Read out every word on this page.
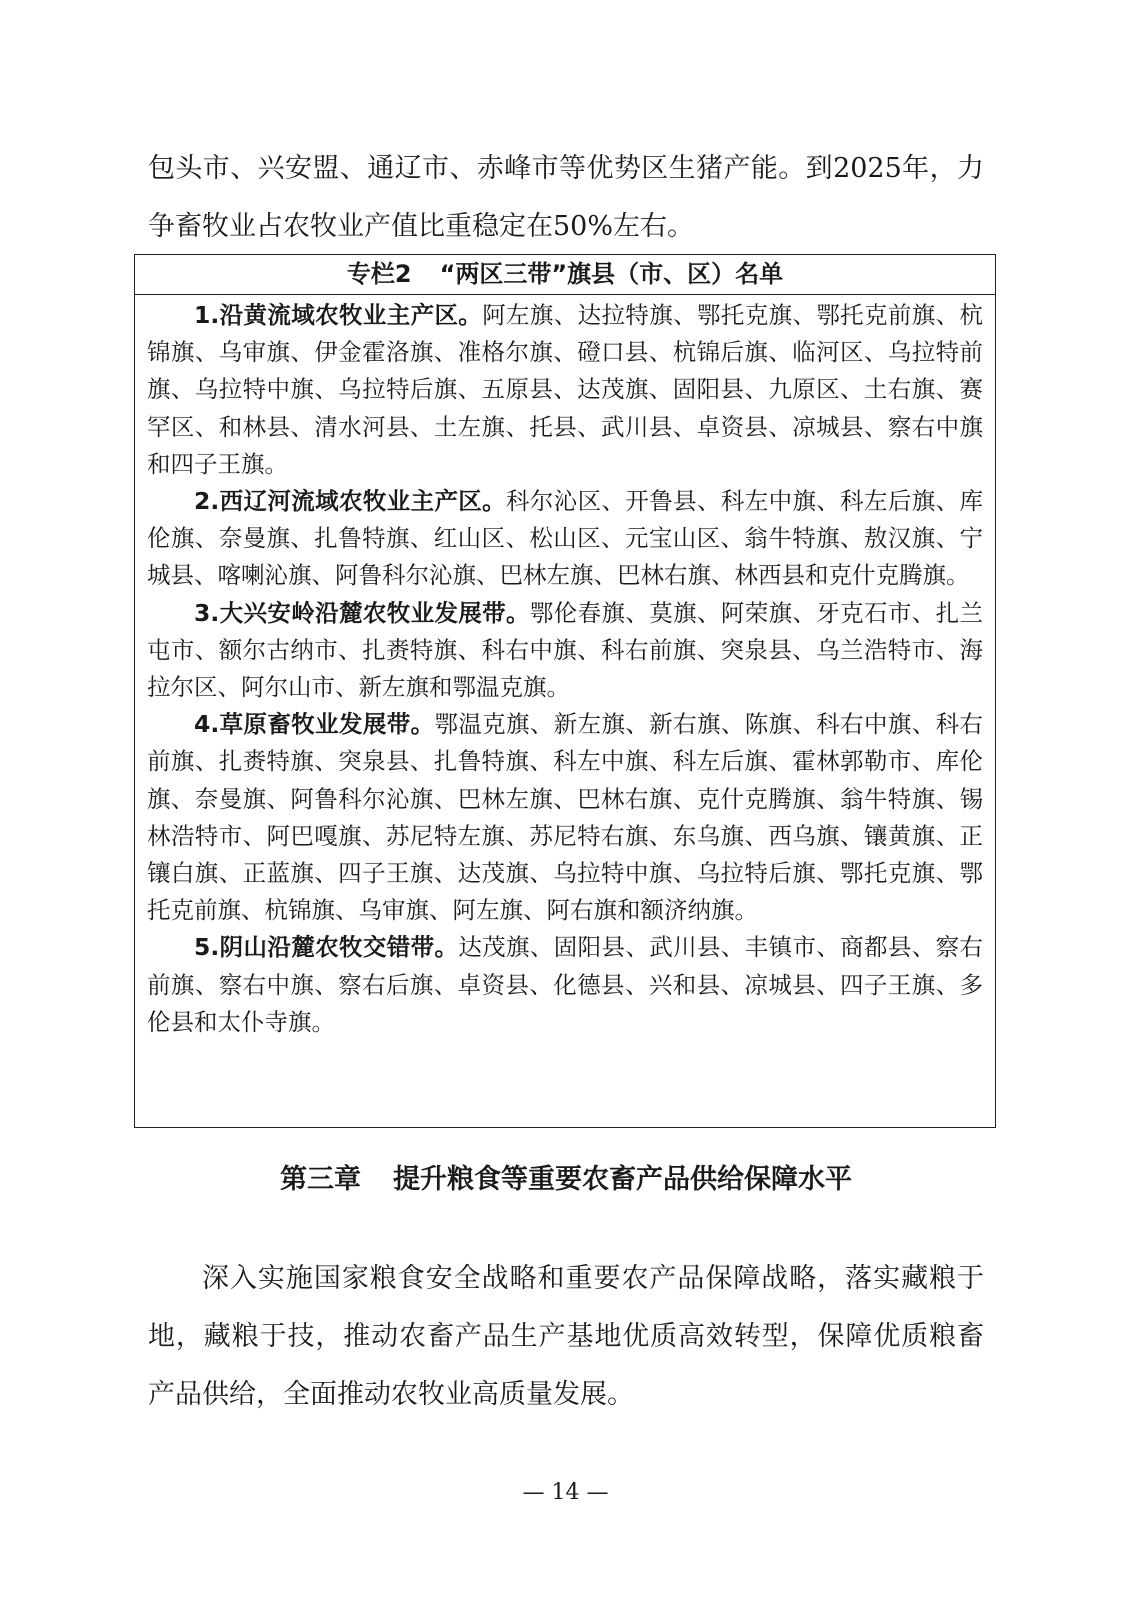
包头市、兴安盟、通辽市、赤峰市等优势区生猪产能。到2025年，力争畜牧业占农牧业产值比重稳定在50%左右。

专栏2 “两区三带”旗县（市、区）名单

1.沿黄流域农牧业主产区。阿左旗、达拉特旗、鄂托克旗、鄂托克前旗、杭锦旗、乌审旗、伊金霍洛旗、准格尔旗、磴口县、杭锦后旗、临河区、乌拉特前旗、乌拉特中旗、乌拉特后旗、五原县、达茂旗、固阳县、九原区、土右旗、赛罕区、和林县、清水河县、土左旗、托县、武川县、卓资县、凉城县、察右中旗和四子王旗。

2.西辽河流域农牧业主产区。科尔沁区、开鲁县、科左中旗、科左后旗、库伦旗、奈曼旗、扎鲁特旗、红山区、松山区、元宝山区、翁牛特旗、敖汉旗、宁城县、喀喇沁旗、阿鲁科尔沁旗、巴林左旗、巴林右旗、林西县和克什克腾旗。

3.大兴安岭沿麓农牧业发展带。鄂伦春旗、莫旗、阿荣旗、牙克石市、扎兰屯市、额尔古纳市、扎赉特旗、科右中旗、科右前旗、突泉县、乌兰浩特市、海拉尔区、阿尔山市、新左旗和鄂温克旗。

4.草原畜牧业发展带。鄂温克旗、新左旗、新右旗、陈旗、科右中旗、科右前旗、扎赉特旗、突泉县、扎鲁特旗、科左中旗、科左后旗、霍林郭勒市、库伦旗、奈曼旗、阿鲁科尔沁旗、巴林左旗、巴林右旗、克什克腾旗、翁牛特旗、锡林浩特市、阿巴嘎旗、苏尼特左旗、苏尼特右旗、东乌旗、西乌旗、镶黄旗、正镶白旗、正蓝旗、四子王旗、达茂旗、乌拉特中旗、乌拉特后旗、鄂托克旗、鄂托克前旗、杭锦旗、乌审旗、阿左旗、阿右旗和额济纳旗。

5.阴山沿麓农牧交错带。达茂旗、固阳县、武川县、丰镇市、商都县、察右前旗、察右中旗、察右后旗、卓资县、化德县、兴和县、凉城县、四子王旗、多伦县和太仆寺旗。

第三章 提升粮食等重要农畜产品供给保障水平

深入实施国家粮食安全战略和重要农产品保障战略，落实藏粮于地，藏粮于技，推动农畜产品生产基地优质高效转型，保障优质粮畜产品供给，全面推动农牧业高质量发展。

— 14 —
